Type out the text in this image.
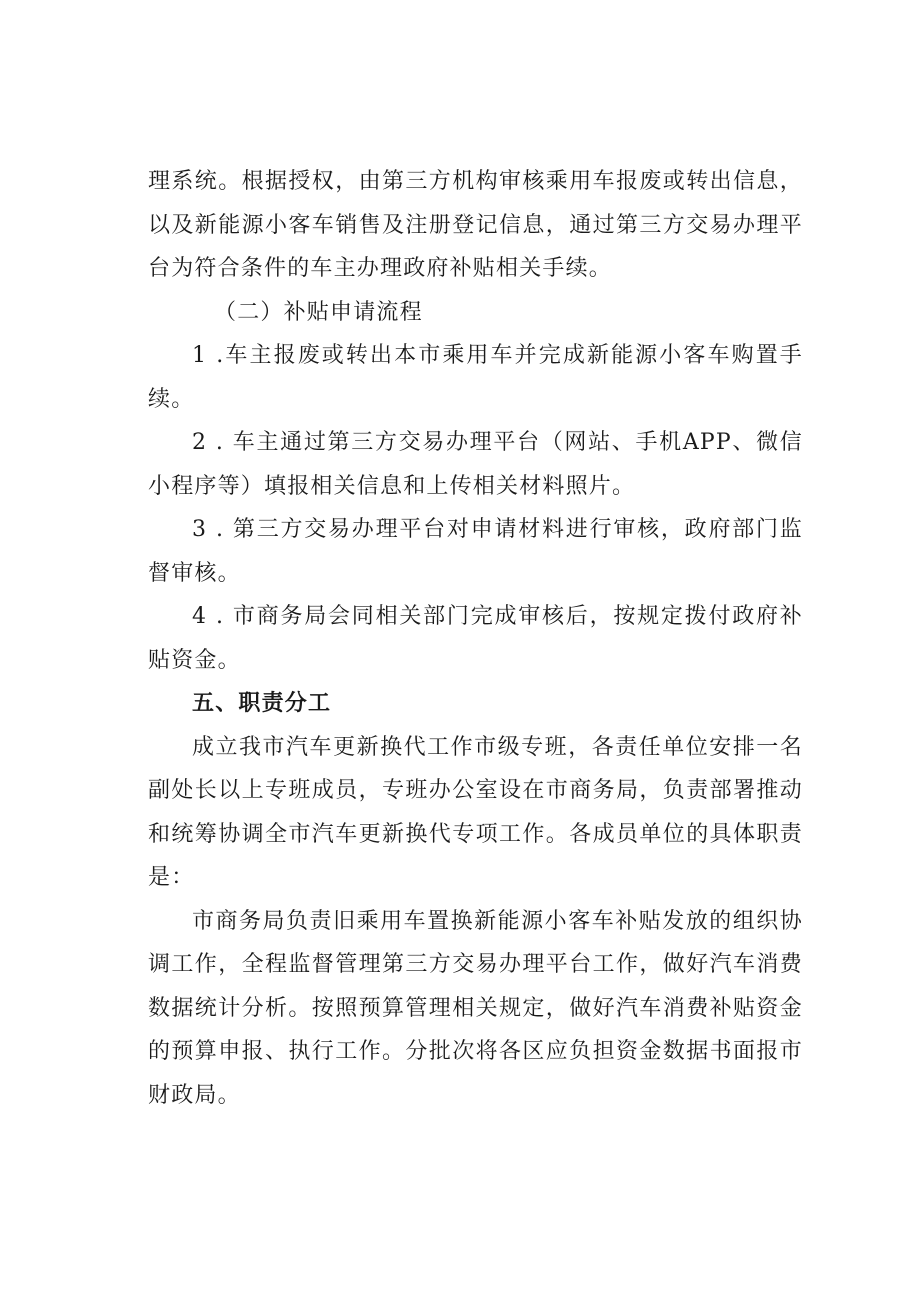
理系统。根据授权，由第三方机构审核乘用车报废或转出信息，以及新能源小客车销售及注册登记信息，通过第三方交易办理平台为符合条件的车主办理政府补贴相关手续。

（二）补贴申请流程

1 .车主报废或转出本市乘用车并完成新能源小客车购置手续。

2 . 车主通过第三方交易办理平台（网站、手机APP、微信小程序等）填报相关信息和上传相关材料照片。

3 . 第三方交易办理平台对申请材料进行审核，政府部门监督审核。

4 . 市商务局会同相关部门完成审核后，按规定拨付政府补贴资金。

五、职责分工

成立我市汽车更新换代工作市级专班，各责任单位安排一名副处长以上专班成员，专班办公室设在市商务局，负责部署推动和统筹协调全市汽车更新换代专项工作。各成员单位的具体职责是：

市商务局负责旧乘用车置换新能源小客车补贴发放的组织协调工作，全程监督管理第三方交易办理平台工作，做好汽车消费数据统计分析。按照预算管理相关规定，做好汽车消费补贴资金的预算申报、执行工作。分批次将各区应负担资金数据书面报市财政局。
